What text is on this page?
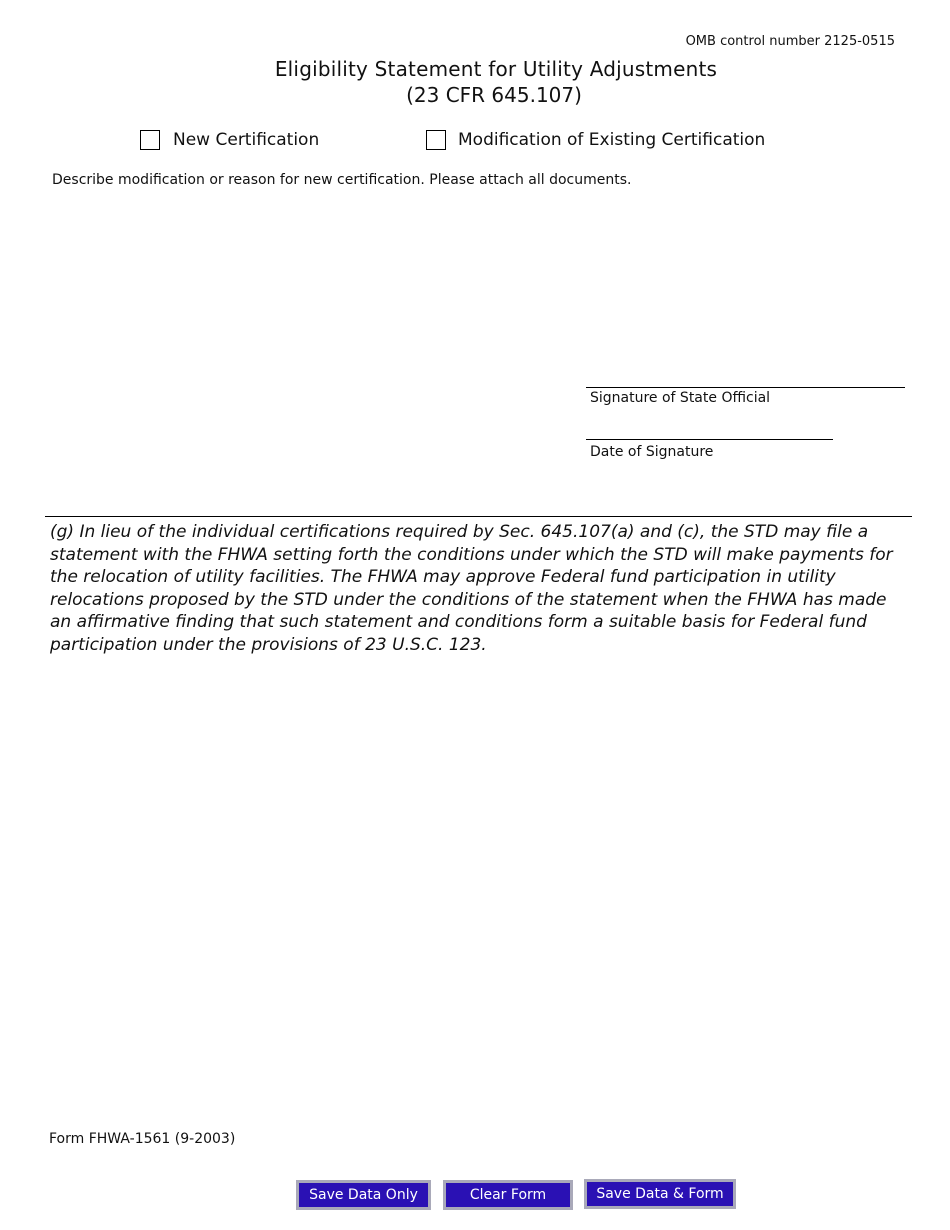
OMB control number 2125-0515
Eligibility Statement for Utility Adjustments
(23 CFR 645.107)
New Certification	Modification of Existing Certification
Describe modification or reason for new certification. Please attach all documents.
Signature of State Official
Date of Signature
(g) In lieu of the individual certifications required by Sec. 645.107(a) and (c), the STD may file a statement with the FHWA setting forth the conditions under which the STD will make payments for the relocation of utility facilities. The FHWA may approve Federal fund participation in utility relocations proposed by the STD under the conditions of the statement when the FHWA has made an affirmative finding that such statement and conditions form a suitable basis for Federal fund participation under the provisions of 23 U.S.C. 123.
Form FHWA-1561 (9-2003)
Save Data Only	Clear Form	Save Data & Form
